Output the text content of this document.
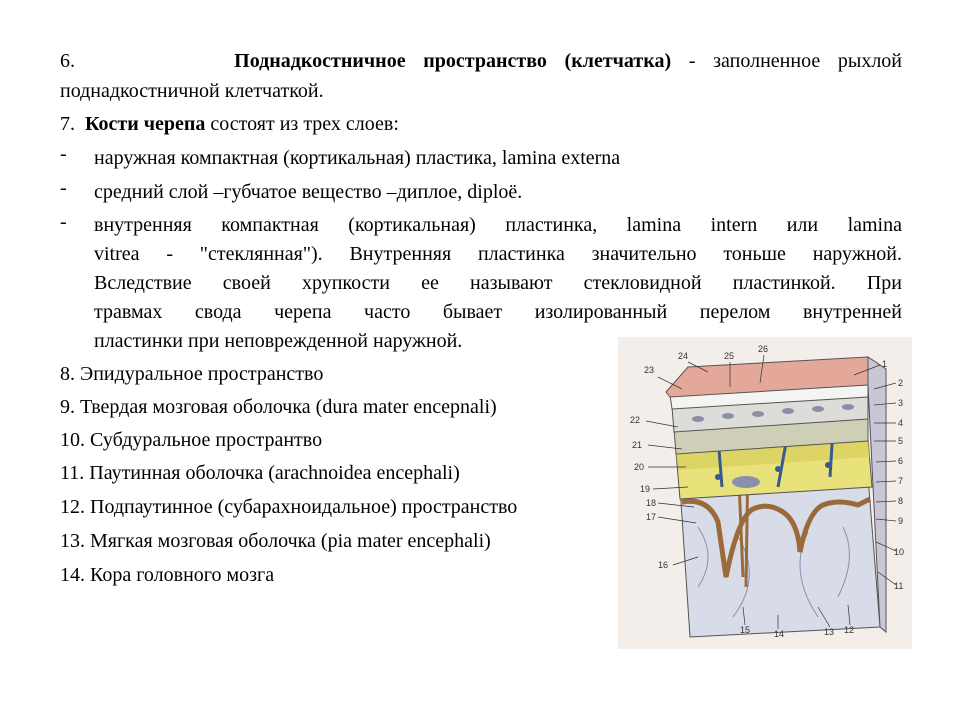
6.	Поднадкостничное пространство (клетчатка) - заполненное рыхлой

поднадкостничной клетчаткой.

7. Кости черепа состоят из трех слоев:

- наружная компактная (кортикальная) пластика, lamina externa
- средний слой –губчатое вещество –диплое, diploë.
- внутренняя компактная (кортикальная) пластинка, lamina intern или lamina
vitrea - "стеклянная"). Внутренняя пластинка значительно тоньше наружной.
Вследствие своей хрупкости ее называют стекловидной пластинкой. При
травмах свода черепа часто бывает изолированный перелом внутренней
пластинки при неповрежденной наружной.

8. Эпидуральное пространство

9. Твердая мозговая оболочка (dura mater encepnali)

10. Субдуральное пространтво

11. Паутинная оболочка (arachnoidea encephali)

12. Подпаутинное (субарахноидальное) пространство

13. Мягкая мозговая оболочка (pia mater encephali)

14. Кора головного мозга

1
2
3
4
5
6
7
8
9
10
11
12
13
14
15
16
17
18
19
20
21
22
23
24	25
26
